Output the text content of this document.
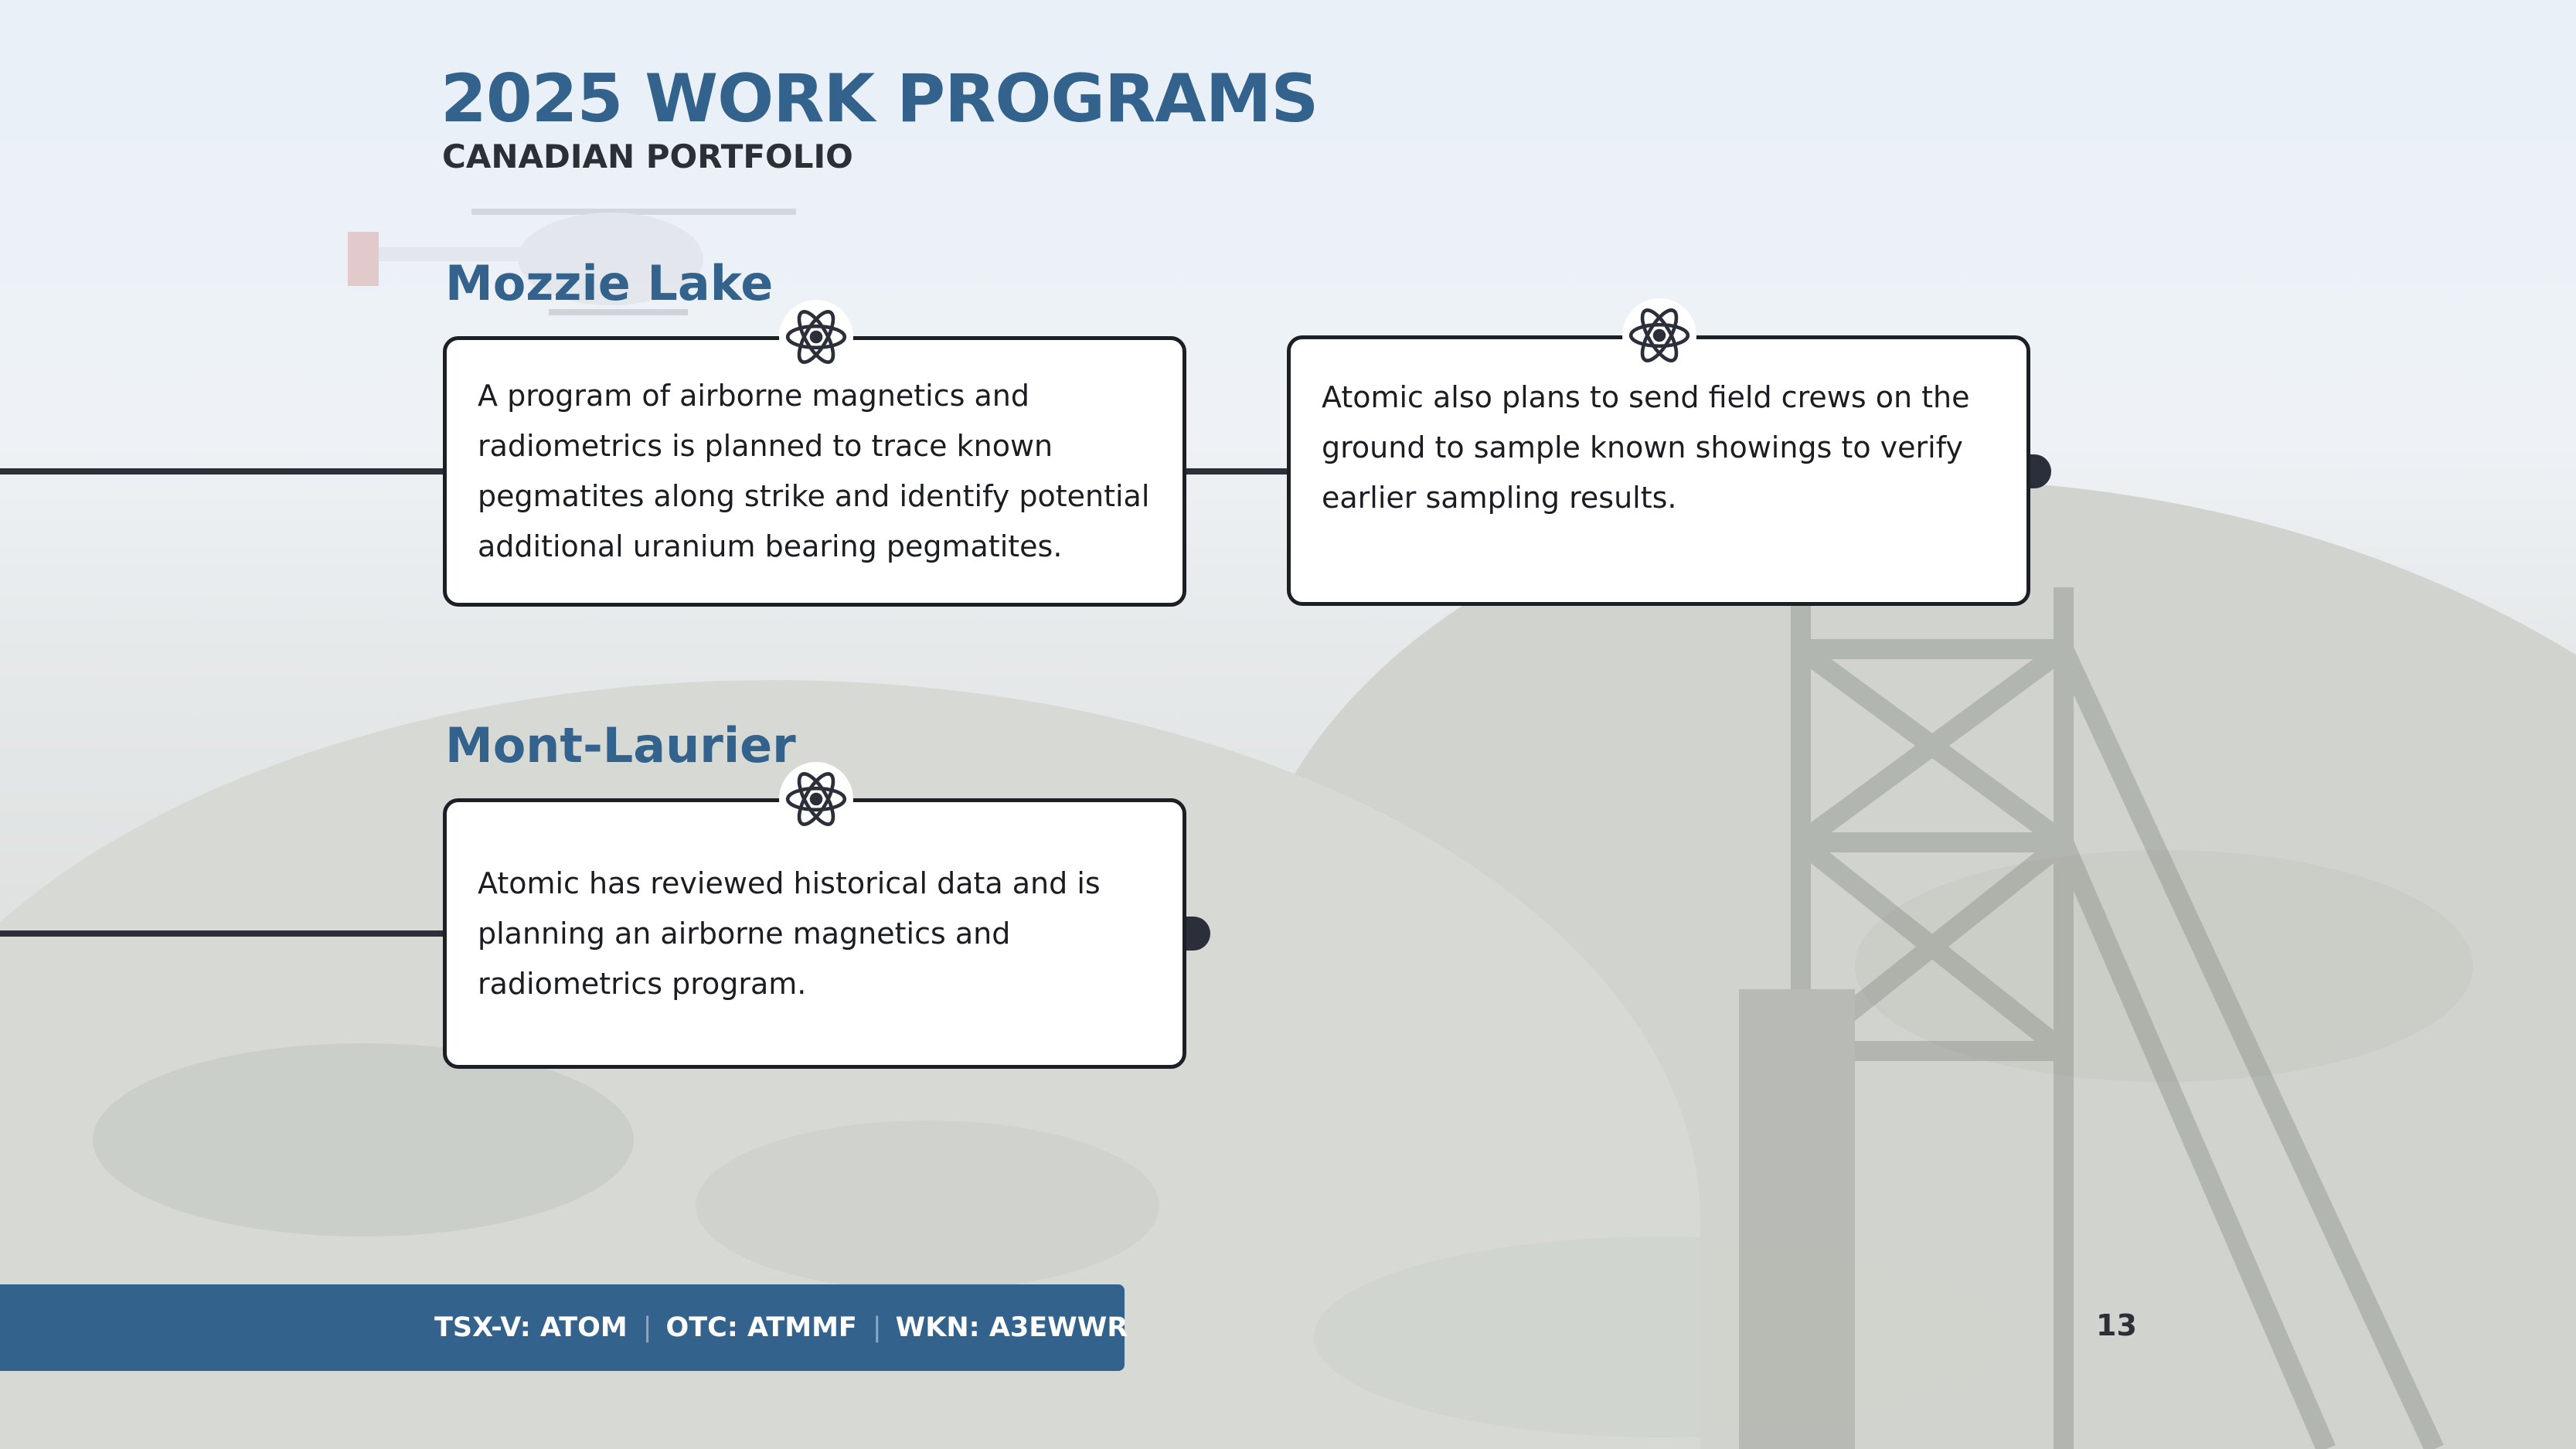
2025 WORK PROGRAMS
CANADIAN PORTFOLIO
Mozzie Lake

A program of airborne magnetics and radiometrics is planned to trace known pegmatites along strike and identify potential additional uranium bearing pegmatites.

Atomic also plans to send field crews on the ground to sample known showings to verify earlier sampling results.

Mont-Laurier

Atomic has reviewed historical data and is planning an airborne magnetics and radiometrics program.

TSX-V: ATOM | OTC: ATMMF | WKN: A3EWWR	13
